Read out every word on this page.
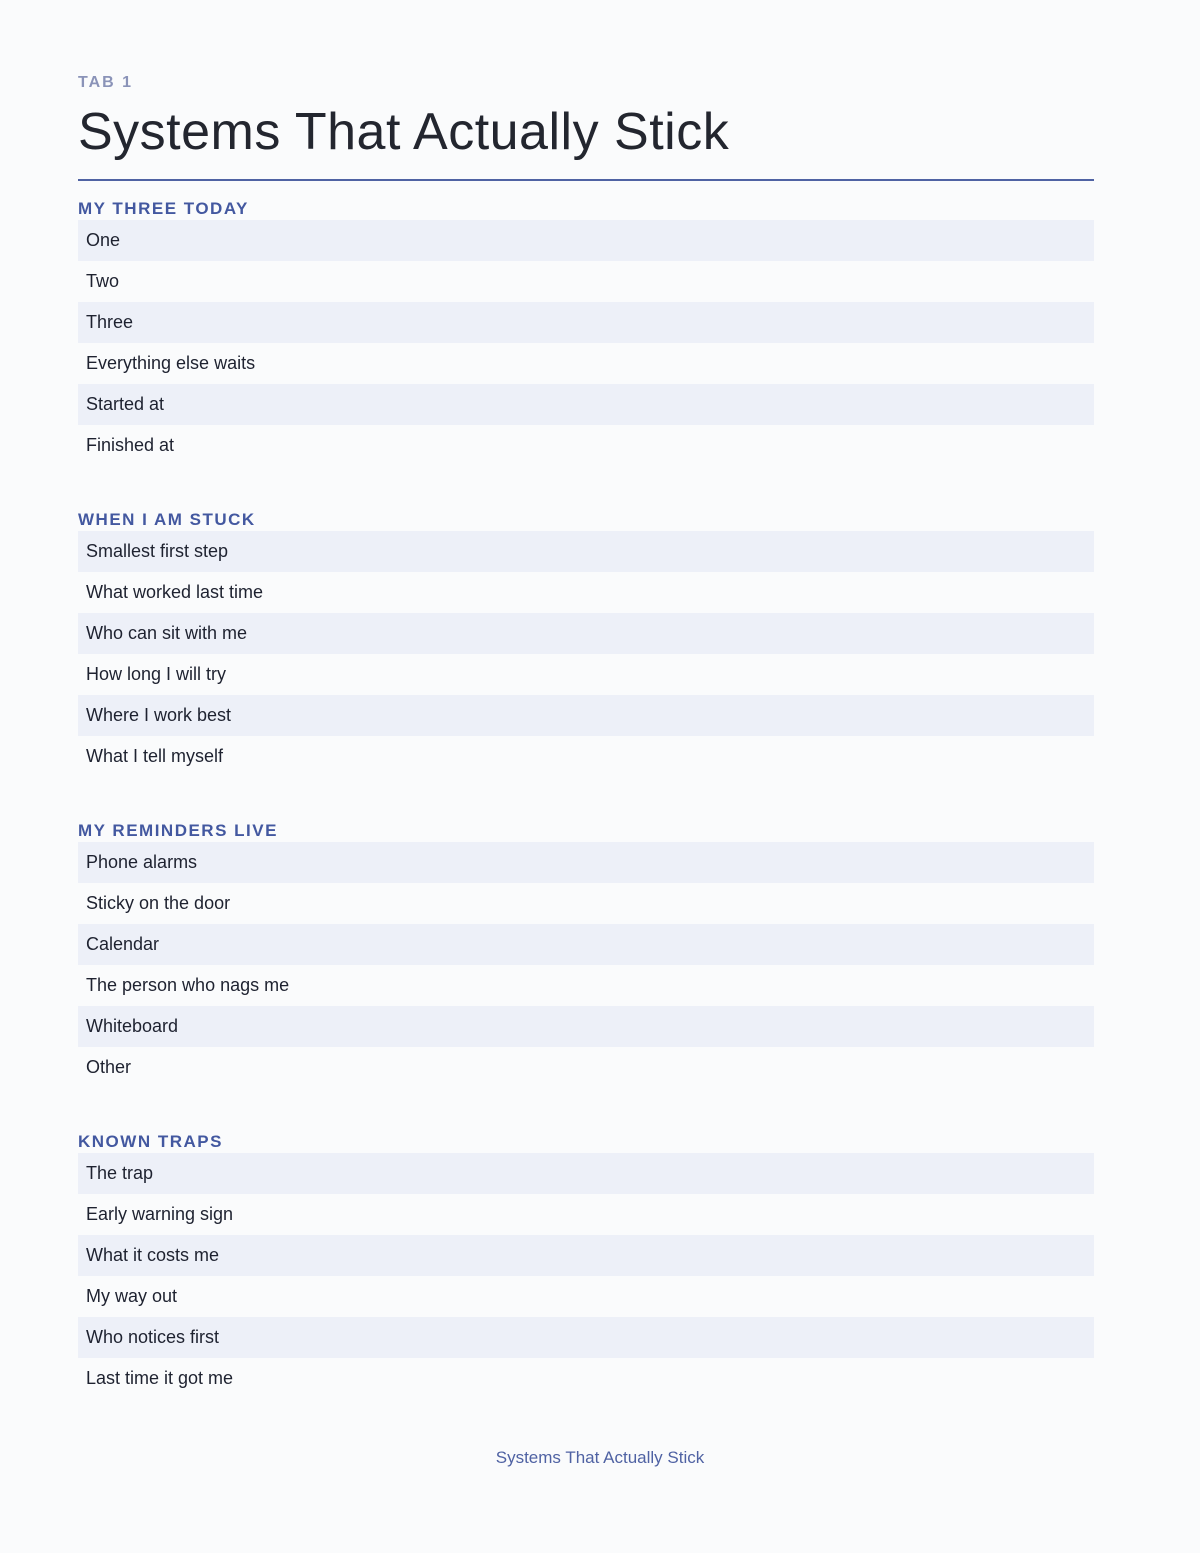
TAB 1
Systems That Actually Stick
MY THREE TODAY
One
Two
Three
Everything else waits
Started at
Finished at
WHEN I AM STUCK
Smallest first step
What worked last time
Who can sit with me
How long I will try
Where I work best
What I tell myself
MY REMINDERS LIVE
Phone alarms
Sticky on the door
Calendar
The person who nags me
Whiteboard
Other
KNOWN TRAPS
The trap
Early warning sign
What it costs me
My way out
Who notices first
Last time it got me
Systems That Actually Stick
